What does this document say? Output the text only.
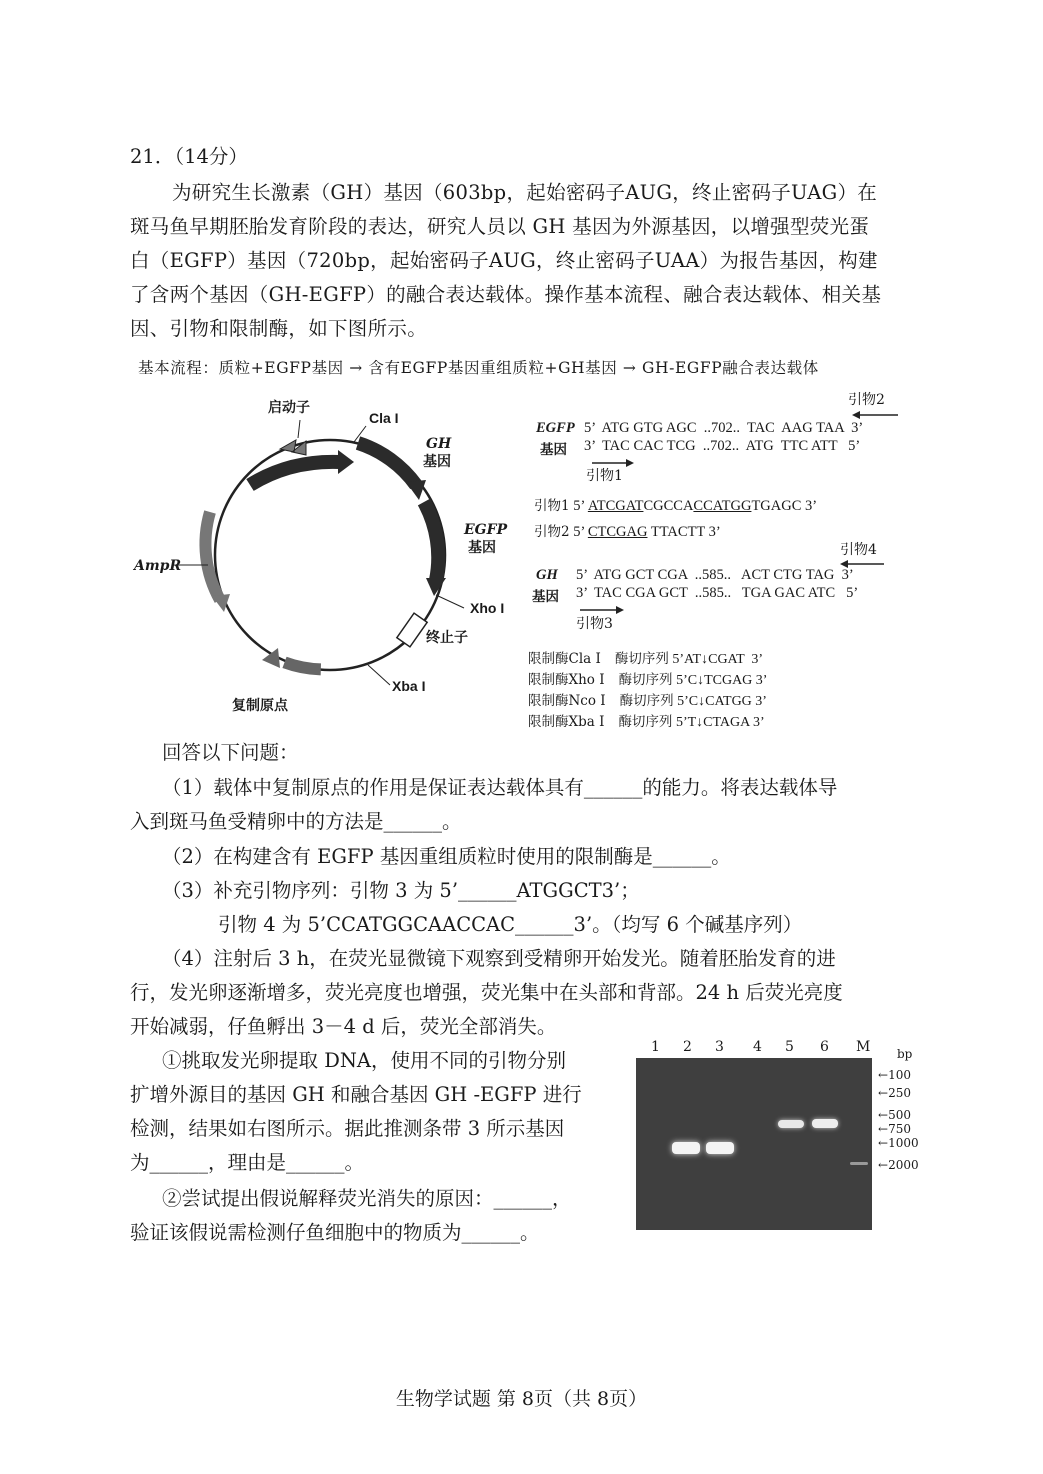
21．（14分）
为研究生长激素（GH）基因（603bp，起始密码子AUG，终止密码子UAG）在
斑马鱼早期胚胎发育阶段的表达，研究人员以 GH 基因为外源基因，以增强型荧光蛋
白（EGFP）基因（720bp，起始密码子AUG，终止密码子UAA）为报告基因，构建
了含两个基因（GH-EGFP）的融合表达载体。操作基本流程、融合表达载体、相关基
因、引物和限制酶，如下图所示。
基本流程：质粒+EGFP基因 → 含有EGFP基因重组质粒+GH基因 → GH-EGFP融合表达载体
启动子
Cla I
GH
基因
EGFP
基因
Xho I
终止子
Xba I
复制原点
AmpR
引物2
EGFP
基因
5’  ATG GTG AGC  ..702..  TAC  AAG TAA  3’
3’  TAC CAC TCG  ..702..  ATG  TTC ATT   5’
引物1
引物1 5’ ATCGATCGCCACCATGGTGAGC 3’
引物2 5’ CTCGAG TTACTT 3’
引物4
GH
基因
5’  ATG GCT CGA  ..585..   ACT CTG TAG  3’
3’  TAC CGA GCT  ..585..   TGA GAC ATC   5’
引物3
限制酶Cla I 酶切序列 5’AT↓CGAT  3’
限制酶Xho I 酶切序列 5’C↓TCGAG 3’
限制酶Nco I 酶切序列 5’C↓CATGG 3’
限制酶Xba I 酶切序列 5’T↓CTAGA 3’
回答以下问题：
（1）载体中复制原点的作用是保证表达载体具有______的能力。将表达载体导
入到斑马鱼受精卵中的方法是______。
（2）在构建含有 EGFP 基因重组质粒时使用的限制酶是______。
（3）补充引物序列：引物 3 为 5’______ATGGCT3’；
引物 4 为 5’CCATGGCAACCAC______3’。（均写 6 个碱基序列）
（4）注射后 3 h，在荧光显微镜下观察到受精卵开始发光。随着胚胎发育的进
行，发光卵逐渐增多，荧光亮度也增强，荧光集中在头部和背部。24 h 后荧光亮度
开始减弱，仔鱼孵出 3－4 d 后，荧光全部消失。
①挑取发光卵提取 DNA，使用不同的引物分别
扩增外源目的基因 GH 和融合基因 GH -EGFP 进行
检测，结果如右图所示。据此推测条带 3 所示基因
为______，理由是______。
②尝试提出假说解释荧光消失的原因：______，
验证该假说需检测仔鱼细胞中的物质为______。
1 2 3 4 5 6 M bp
←100
←250
←500
←750
←1000
←2000
生物学试题 第 8页（共 8页）
